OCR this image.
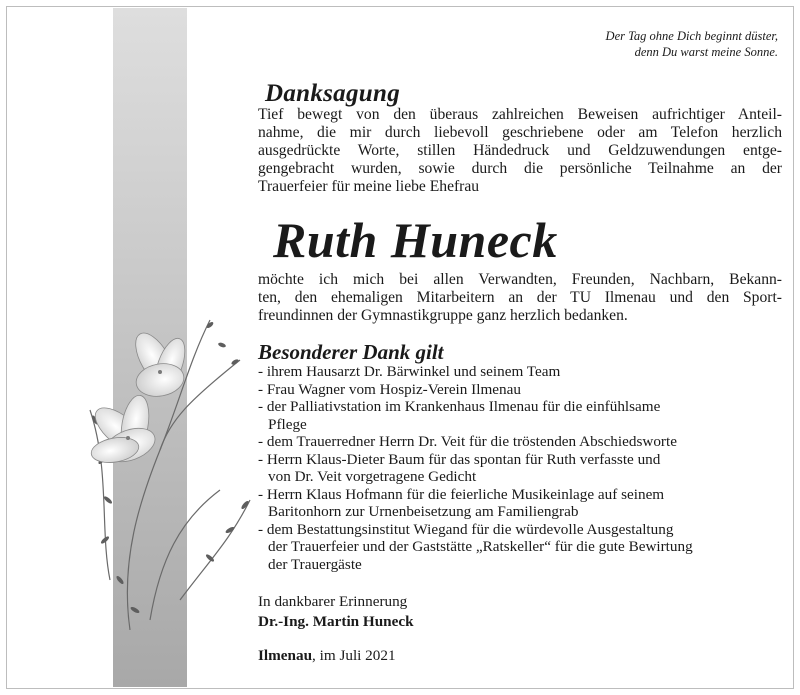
Der Tag ohne Dich beginnt düster,
denn Du warst meine Sonne.
Danksagung
Tief bewegt von den überaus zahlreichen Beweisen aufrichtiger Anteil-
nahme, die mir durch liebevoll geschriebene oder am Telefon herzlich
ausgedrückte Worte, stillen Händedruck und Geldzuwendungen entge-
gengebracht wurden, sowie durch die persönliche Teilnahme an der
Trauerfeier für meine liebe Ehefrau
Ruth Huneck
möchte ich mich bei allen Verwandten, Freunden, Nachbarn, Bekann-
ten, den ehemaligen Mitarbeitern an der TU Ilmenau und den Sport-
freundinnen der Gymnastikgruppe ganz herzlich bedanken.
Besonderer Dank gilt
- ihrem Hausarzt Dr. Bärwinkel und seinem Team
- Frau Wagner vom Hospiz-Verein Ilmenau
- der Palliativstation im Krankenhaus Ilmenau für die einfühlsame
Pflege
- dem Trauerredner Herrn Dr. Veit für die tröstenden Abschiedsworte
- Herrn Klaus-Dieter Baum für das spontan für Ruth verfasste und
von Dr. Veit vorgetragene Gedicht
- Herrn Klaus Hofmann für die feierliche Musikeinlage auf seinem
Baritonhorn zur Urnenbeisetzung am Familiengrab
- dem Bestattungsinstitut Wiegand für die würdevolle Ausgestaltung
der Trauerfeier und der Gaststätte „Ratskeller“ für die gute Bewirtung
der Trauergäste
In dankbarer Erinnerung
Dr.-Ing. Martin Huneck
Ilmenau, im Juli 2021
